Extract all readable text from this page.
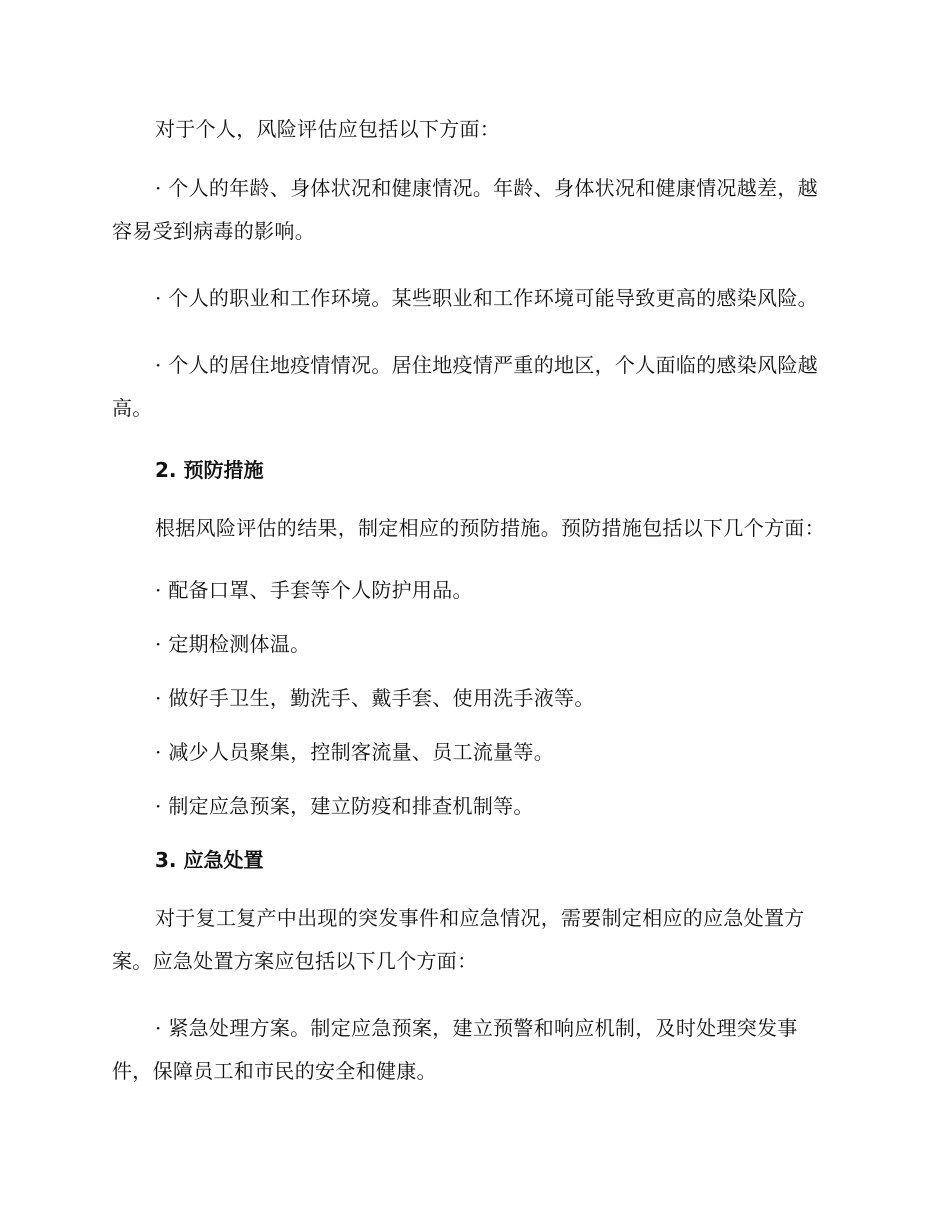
对于个人，风险评估应包括以下方面：

· 个人的年龄、身体状况和健康情况。年龄、身体状况和健康情况越差，越容易受到病毒的影响。

· 个人的职业和工作环境。某些职业和工作环境可能导致更高的感染风险。

· 个人的居住地疫情情况。居住地疫情严重的地区，个人面临的感染风险越高。

2. 预防措施

根据风险评估的结果，制定相应的预防措施。预防措施包括以下几个方面：

· 配备口罩、手套等个人防护用品。

· 定期检测体温。

· 做好手卫生，勤洗手、戴手套、使用洗手液等。

· 减少人员聚集，控制客流量、员工流量等。

· 制定应急预案，建立防疫和排查机制等。

3. 应急处置

对于复工复产中出现的突发事件和应急情况，需要制定相应的应急处置方案。应急处置方案应包括以下几个方面：

· 紧急处理方案。制定应急预案，建立预警和响应机制，及时处理突发事件，保障员工和市民的安全和健康。
